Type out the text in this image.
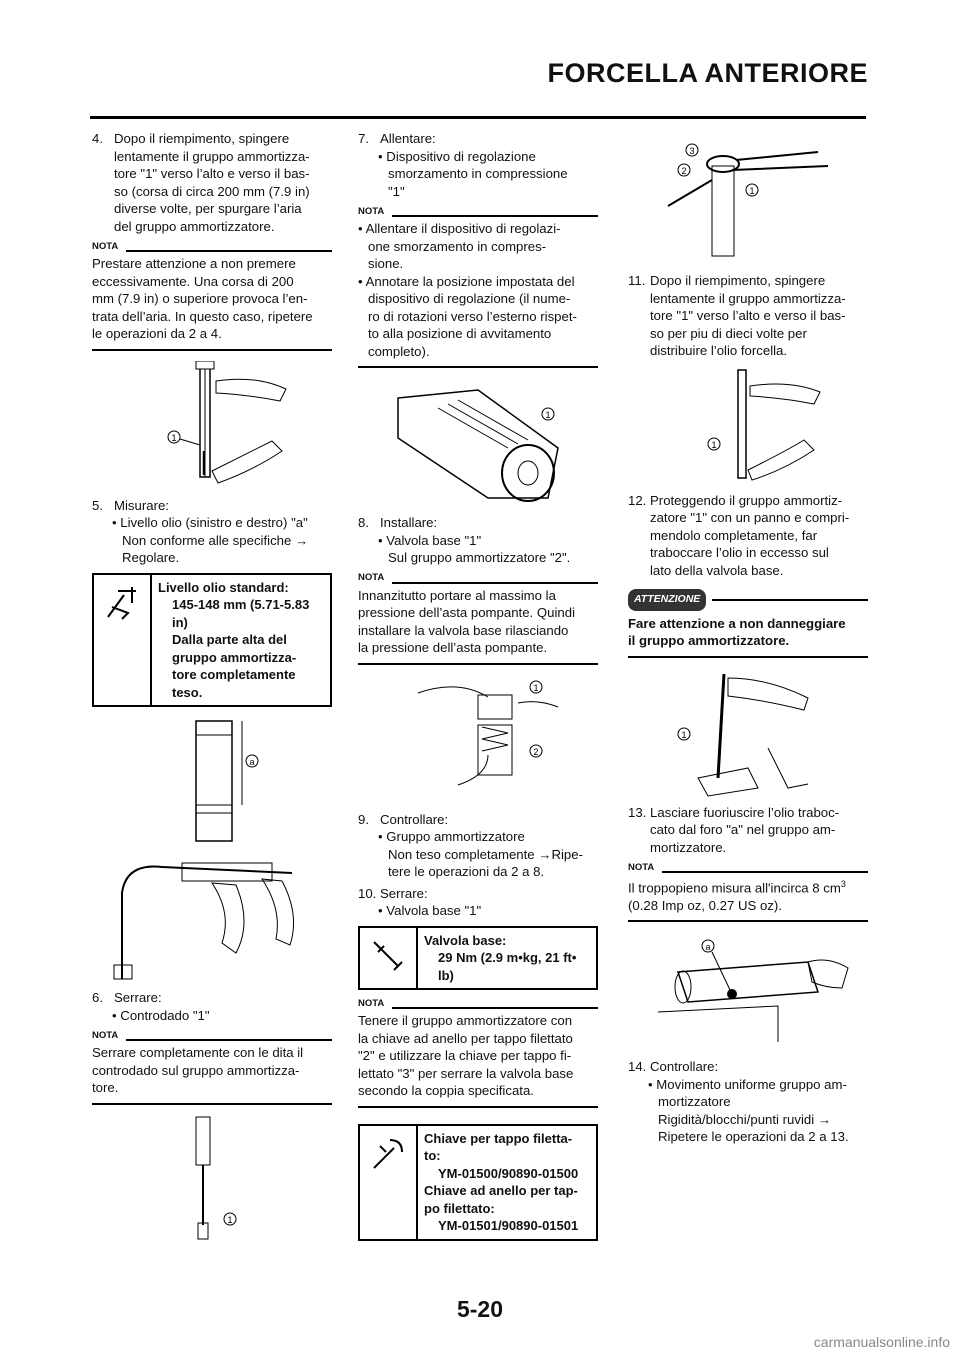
FORCELLA ANTERIORE
4. Dopo il riempimento, spingere
lentamente il gruppo ammortizza-
tore "1" verso l’alto e verso il bas-
so (corsa di circa 200 mm (7.9 in)
diverse volte, per spurgare l’aria
del gruppo ammortizzatore.
NOTA
Prestare attenzione a non premere
eccessivamente. Una corsa di 200
mm (7.9 in) o superiore provoca l’en-
trata dell’aria. In questo caso, ripetere
le operazioni da 2 a 4.
1
5. Misurare:
• Livello olio (sinistro e destro) "a"
Non conforme alle specifiche →
Regolare.
Livello olio standard:
145-148 mm (5.71-5.83
in)
Dalla parte alta del
gruppo ammortizza-
tore completamente
teso.
a
6. Serrare:
• Controdado "1"
NOTA
Serrare completamente con le dita il
controdado sul gruppo ammortizza-
tore.
1
7. Allentare:
• Dispositivo di regolazione
smorzamento in compressione
"1"
NOTA
• Allentare il dispositivo di regolazi-
one smorzamento in compres-
sione.
• Annotare la posizione impostata del
dispositivo di regolazione (il nume-
ro di rotazioni verso l’esterno rispet-
to alla posizione di avvitamento
completo).
1
8. Installare:
• Valvola base "1"
Sul gruppo ammortizzatore "2".
NOTA
Innanzitutto portare al massimo la
pressione dell’asta pompante. Quindi
installare la valvola base rilasciando
la pressione dell’asta pompante.
1
2
9. Controllare:
• Gruppo ammortizzatore
Non teso completamente →Ripe-
tere le operazioni da 2 a 8.
10. Serrare:
• Valvola base "1"
Valvola base:
29 Nm (2.9 m•kg, 21 ft•
lb)
NOTA
Tenere il gruppo ammortizzatore con
la chiave ad anello per tappo filettato
"2" e utilizzare la chiave per tappo fi-
lettato "3" per serrare la valvola base
secondo la coppia specificata.
Chiave per tappo filetta-
to:
YM-01500/90890-01500
Chiave ad anello per tap-
po filettato:
YM-01501/90890-01501
3
2
1
11. Dopo il riempimento, spingere
lentamente il gruppo ammortizza-
tore "1" verso l’alto e verso il bas-
so per piu di dieci volte per
distribuire l’olio forcella.
1
12. Proteggendo il gruppo ammortiz-
zatore "1" con un panno e compri-
mendolo completamente, far
traboccare l’olio in eccesso sul
lato della valvola base.
ATTENZIONE
Fare attenzione a non danneggiare
il gruppo ammortizzatore.
1
13. Lasciare fuoriuscire l’olio traboc-
cato dal foro "a" nel gruppo am-
mortizzatore.
NOTA
Il troppopieno misura all'incirca 8 $cm^3$
(0.28 Imp oz, 0.27 US oz).
a
14. Controllare:
• Movimento uniforme gruppo am-
mortizzatore
Rigidità/blocchi/punti ruvidi →
Ripetere le operazioni da 2 a 13.
5-20
carmanualsonline.info
